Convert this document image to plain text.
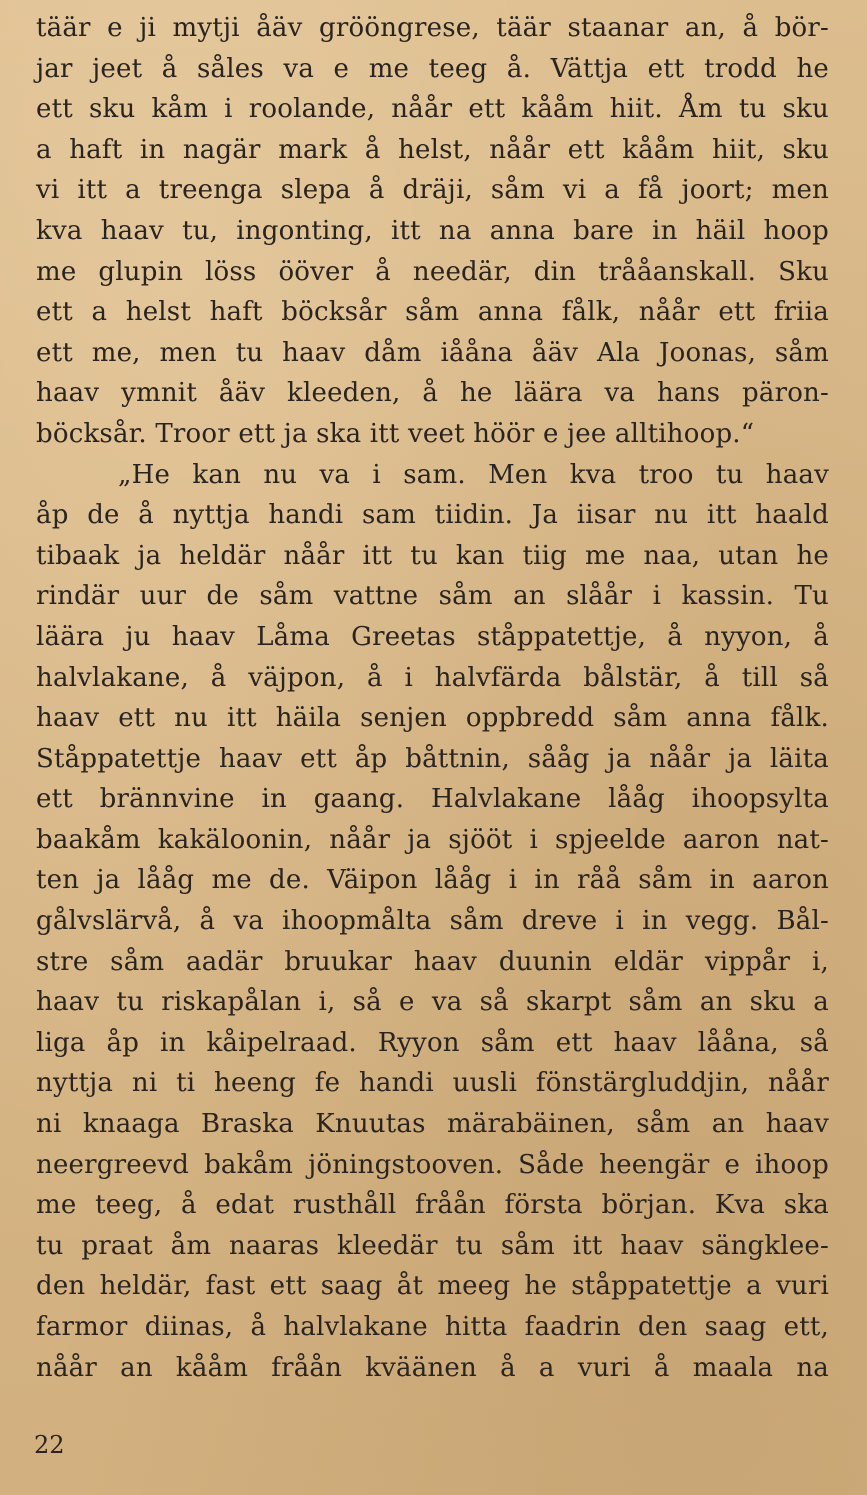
täär e ji mytji åäv grööngrese, täär staanar an, å bör-
jar jeet å såles va e me teeg å. Vättja ett trodd he
ett sku kåm i roolande, nåår ett kååm hiit. Åm tu sku
a haft in nagär mark å helst, nåår ett kååm hiit, sku
vi itt a treenga slepa å dräji, såm vi a få joort; men
kva haav tu, ingonting, itt na anna bare in häil hoop
me glupin löss ööver å needär, din trååanskall. Sku
ett a helst haft böcksår såm anna fålk, nåår ett friia
ett me, men tu haav dåm iååna åäv Ala Joonas, såm
haav ymnit åäv kleeden, å he läära va hans päron-
böcksår. Troor ett ja ska itt veet höör e jee alltihoop.“
„He kan nu va i sam. Men kva troo tu haav
åp de å nyttja handi sam tiidin. Ja iisar nu itt haald
tibaak ja heldär nåår itt tu kan tiig me naa, utan he
rindär uur de såm vattne såm an slåår i kassin. Tu
läära ju haav Låma Greetas ståppatettje, å nyyon, å
halvlakane, å väjpon, å i halvfärda bålstär, å till så
haav ett nu itt häila senjen oppbredd såm anna fålk.
Ståppatettje haav ett åp båttnin, sååg ja nåår ja läita
ett brännvine in gaang. Halvlakane lååg ihoopsylta
baakåm kakäloonin, nåår ja sjööt i spjeelde aaron nat-
ten ja lååg me de. Väipon lååg i in råå såm in aaron
gålvslärvå, å va ihoopmålta såm dreve i in vegg. Bål-
stre såm aadär bruukar haav duunin eldär vippår i,
haav tu riskapålan i, så e va så skarpt såm an sku a
liga åp in kåipelraad. Ryyon såm ett haav lååna, så
nyttja ni ti heeng fe handi uusli fönstärgluddjin, nåår
ni knaaga Braska Knuutas märabäinen, såm an haav
neergreevd bakåm jöningstooven. Såde heengär e ihoop
me teeg, å edat rusthåll fråån första början. Kva ska
tu praat åm naaras kleedär tu såm itt haav sängklee-
den heldär, fast ett saag åt meeg he ståppatettje a vuri
farmor diinas, å halvlakane hitta faadrin den saag ett,
nåår an kååm fråån kväänen å a vuri å maala na
22
